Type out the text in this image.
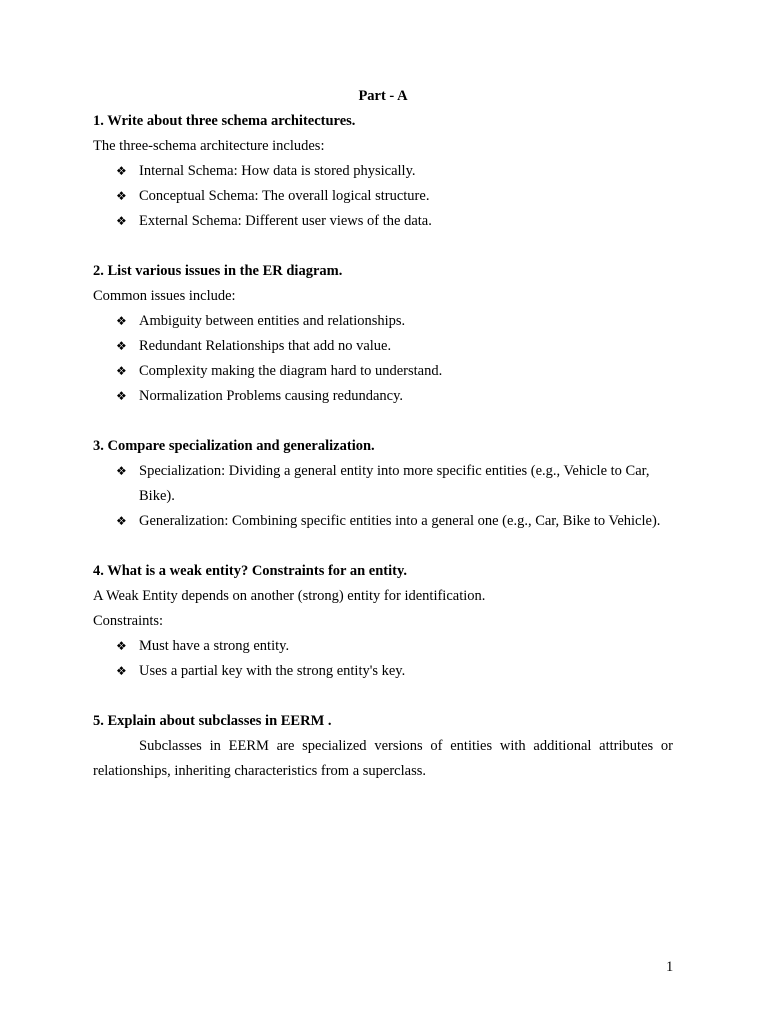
Part - A
1. Write about three schema architectures.
The three-schema architecture includes:
❖ Internal Schema: How data is stored physically.
❖ Conceptual Schema: The overall logical structure.
❖ External Schema: Different user views of the data.
2. List various issues in the ER diagram.
Common issues include:
❖ Ambiguity between entities and relationships.
❖ Redundant Relationships that add no value.
❖ Complexity making the diagram hard to understand.
❖ Normalization Problems causing redundancy.
3. Compare specialization and generalization.
❖ Specialization: Dividing a general entity into more specific entities (e.g., Vehicle to Car, Bike).
❖ Generalization: Combining specific entities into a general one (e.g., Car, Bike to Vehicle).
4. What is a weak entity? Constraints for an entity.
A Weak Entity depends on another (strong) entity for identification.
Constraints:
❖ Must have a strong entity.
❖ Uses a partial key with the strong entity's key.
5. Explain about subclasses in EERM .

Subclasses in EERM are specialized versions of entities with additional attributes or relationships, inheriting characteristics from a superclass.

1
